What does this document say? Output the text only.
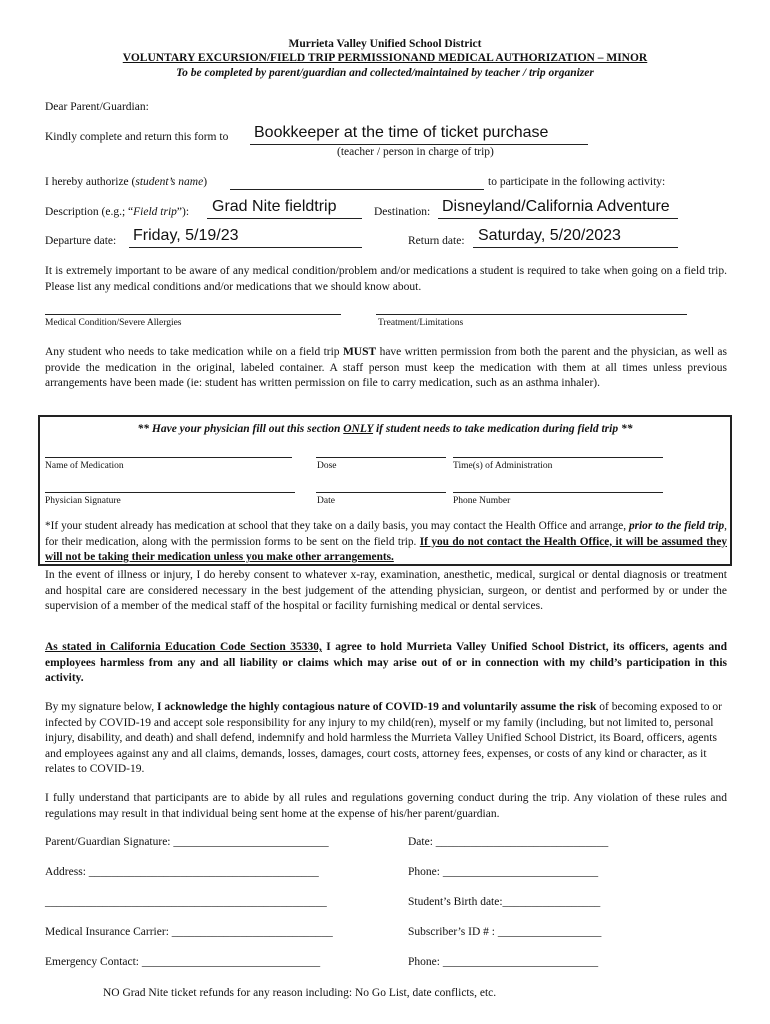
Murrieta Valley Unified School District
VOLUNTARY EXCURSION/FIELD TRIP PERMISSIONAND MEDICAL AUTHORIZATION – MINOR
To be completed by parent/guardian and collected/maintained by teacher / trip organizer
Dear Parent/Guardian:
Kindly complete and return this form to Bookkeeper at the time of ticket purchase
(teacher / person in charge of trip)
I hereby authorize (student’s name)	to participate in the following activity:
Description (e.g.; “Field trip”): Grad Nite fieldtrip	Destination: Disneyland/California Adventure
Departure date: Friday, 5/19/23	Return date: Saturday, 5/20/2023
It is extremely important to be aware of any medical condition/problem and/or medications a student is required to take when going on a field trip. Please list any medical conditions and/or medications that we should know about.
Medical Condition/Severe Allergies	Treatment/Limitations
Any student who needs to take medication while on a field trip MUST have written permission from both the parent and the physician, as well as provide the medication in the original, labeled container. A staff person must keep the medication with them at all times unless previous arrangements have been made (ie: student has written permission on file to carry medication, such as an asthma inhaler).
** Have your physician fill out this section ONLY if student needs to take medication during field trip **
Name of Medication	Dose	Time(s) of Administration
Physician Signature	Date	Phone Number
*If your student already has medication at school that they take on a daily basis, you may contact the Health Office and arrange, prior to the field trip, for their medication, along with the permission forms to be sent on the field trip. If you do not contact the Health Office, it will be assumed they will not be taking their medication unless you make other arrangements.
In the event of illness or injury, I do hereby consent to whatever x-ray, examination, anesthetic, medical, surgical or dental diagnosis or treatment and hospital care are considered necessary in the best judgement of the attending physician, surgeon, or dentist and performed by or under the supervision of a member of the medical staff of the hospital or facility furnishing medical or dental services.
As stated in California Education Code Section 35330, I agree to hold Murrieta Valley Unified School District, its officers, agents and employees harmless from any and all liability or claims which may arise out of or in connection with my child’s participation in this activity.
By my signature below, I acknowledge the highly contagious nature of COVID-19 and voluntarily assume the risk of becoming exposed to or infected by COVID-19 and accept sole responsibility for any injury to my child(ren), myself or my family (including, but not limited to, personal injury, disability, and death) and shall defend, indemnify and hold harmless the Murrieta Valley Unified School District, its Board, officers, agents and employees against any and all claims, demands, losses, damages, court costs, attorney fees, expenses, or costs of any kind or character, as it relates to COVID-19.
I fully understand that participants are to abide by all rules and regulations governing conduct during the trip. Any violation of these rules and regulations may result in that individual being sent home at the expense of his/her parent/guardian.
Parent/Guardian Signature: ___________________________	Date: ______________________________
Address: ________________________________________	Phone: ___________________________
_________________________________________________	Student’s Birth date:_________________
Medical Insurance Carrier: ____________________________	Subscriber’s ID # : __________________
Emergency Contact: _______________________________	Phone: ___________________________
NO Grad Nite ticket refunds for any reason including: No Go List, date conflicts, etc.
